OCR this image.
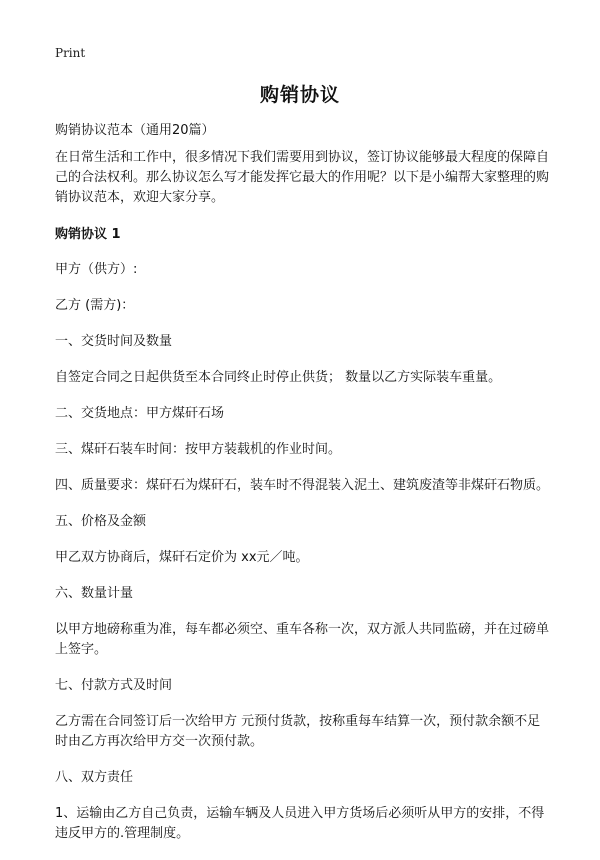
Print
购销协议

购销协议范本（通用20篇）

在日常生活和工作中，很多情况下我们需要用到协议，签订协议能够最大程度的保障自己的合法权利。那么协议怎么写才能发挥它最大的作用呢？以下是小编帮大家整理的购销协议范本，欢迎大家分享。

购销协议 1

甲方（供方）:

乙方 (需方)：

一、交货时间及数量

自签定合同之日起供货至本合同终止时停止供货； 数量以乙方实际装车重量。

二、交货地点：甲方煤矸石场

三、煤矸石装车时间：按甲方装载机的作业时间。

四、质量要求：煤矸石为煤矸石，装车时不得混装入泥土、建筑废渣等非煤矸石物质。

五、价格及金额

甲乙双方协商后，煤矸石定价为 xx元／吨。

六、数量计量

以甲方地磅称重为准，每车都必须空、重车各称一次，双方派人共同监磅，并在过磅单上签字。

七、付款方式及时间

乙方需在合同签订后一次给甲方 元预付货款，按称重每车结算一次，预付款余额不足时由乙方再次给甲方交一次预付款。

八、双方责任

1、运输由乙方自己负责，运输车辆及人员进入甲方货场后必须听从甲方的安排，不得违反甲方的.管理制度。
